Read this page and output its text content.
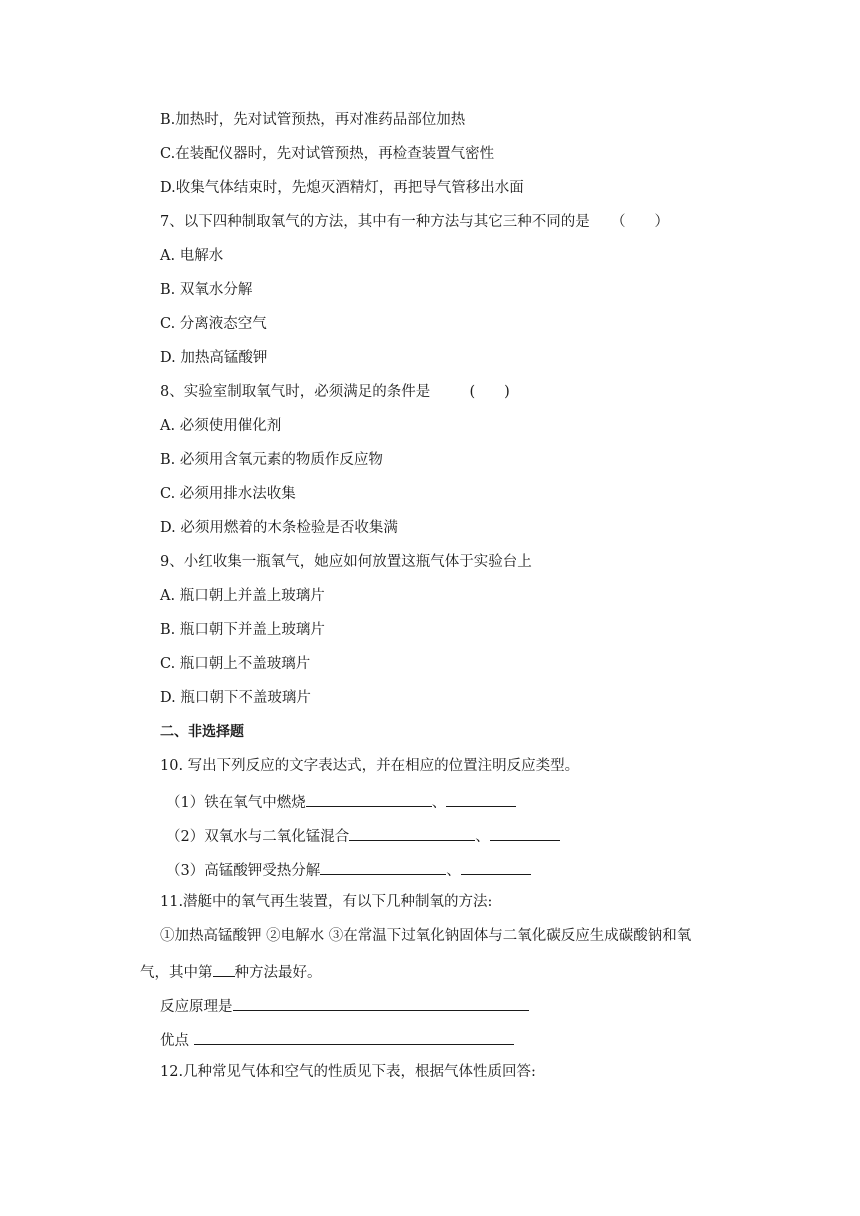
B.加热时，先对试管预热，再对准药品部位加热
C.在装配仪器时，先对试管预热，再检查装置气密性
D.收集气体结束时，先熄灭酒精灯，再把导气管移出水面
7、以下四种制取氧气的方法，其中有一种方法与其它三种不同的是 （　　）
A. 电解水
B. 双氧水分解
C. 分离液态空气
D. 加热高锰酸钾
8、实验室制取氧气时，必须满足的条件是	(　　)
A. 必须使用催化剂
B. 必须用含氧元素的物质作反应物
C. 必须用排水法收集
D. 必须用燃着的木条检验是否收集满
9、小红收集一瓶氧气，她应如何放置这瓶气体于实验台上
A. 瓶口朝上并盖上玻璃片
B. 瓶口朝下并盖上玻璃片
C. 瓶口朝上不盖玻璃片
D. 瓶口朝下不盖玻璃片
二、非选择题
10. 写出下列反应的文字表达式，并在相应的位置注明反应类型。
（1）铁在氧气中燃烧	、
（2）双氧水与二氧化锰混合	、
（3）高锰酸钾受热分解	、
11.潜艇中的氧气再生装置，有以下几种制氧的方法:
①加热高锰酸钾 ②电解水 ③在常温下过氧化钠固体与二氧化碳反应生成碳酸钠和氧
气，其中第 种方法最好。
反应原理是
优点
12.几种常见气体和空气的性质见下表，根据气体性质回答:
